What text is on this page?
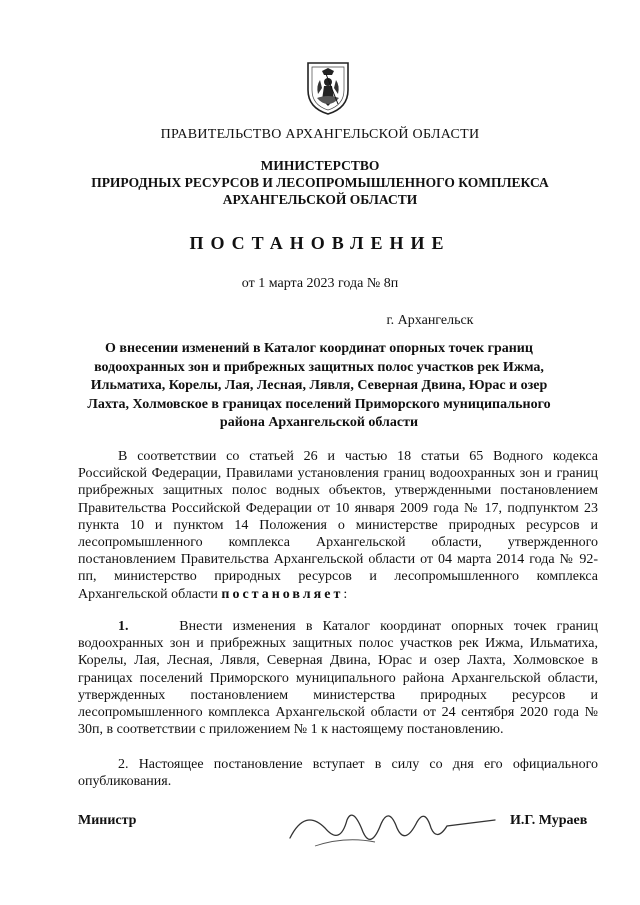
ПРАВИТЕЛЬСТВО АРХАНГЕЛЬСКОЙ ОБЛАСТИ
МИНИСТЕРСТВО
ПРИРОДНЫХ РЕСУРСОВ И ЛЕСОПРОМЫШЛЕННОГО КОМПЛЕКСА
АРХАНГЕЛЬСКОЙ ОБЛАСТИ
ПОСТАНОВЛЕНИЕ
от 1 марта 2023 года № 8п
г. Архангельск
О внесении изменений в Каталог координат опорных точек границ водоохранных зон и прибрежных защитных полос участков рек Ижма, Ильматиха, Корелы, Лая, Лесная, Лявля, Северная Двина, Юрас и озер Лахта, Холмовское в границах поселений Приморского муниципального района Архангельской области

В соответствии со статьей 26 и частью 18 статьи 65 Водного кодекса Российской Федерации, Правилами установления границ водоохранных зон и границ прибрежных защитных полос водных объектов, утвержденными постановлением Правительства Российской Федерации от 10 января 2009 года № 17, подпунктом 23 пункта 10 и пунктом 14 Положения о министерстве природных ресурсов и лесопромышленного комплекса Архангельской области, утвержденного постановлением Правительства Архангельской области от 04 марта 2014 года № 92-пп, министерство природных ресурсов и лесопромышленного комплекса Архангельской области постановляет:

1.	Внести изменения в Каталог координат опорных точек границ водоохранных зон и прибрежных защитных полос участков рек Ижма, Ильматиха, Корелы, Лая, Лесная, Лявля, Северная Двина, Юрас и озер Лахта, Холмовское в границах поселений Приморского муниципального района Архангельской области, утвержденных постановлением министерства природных ресурсов и лесопромышленного комплекса Архангельской области от 24 сентября 2020 года № 30п, в соответствии с приложением № 1 к настоящему постановлению.

2. Настоящее постановление вступает в силу со дня его официального опубликования.

Министр	И.Г. Мураев
